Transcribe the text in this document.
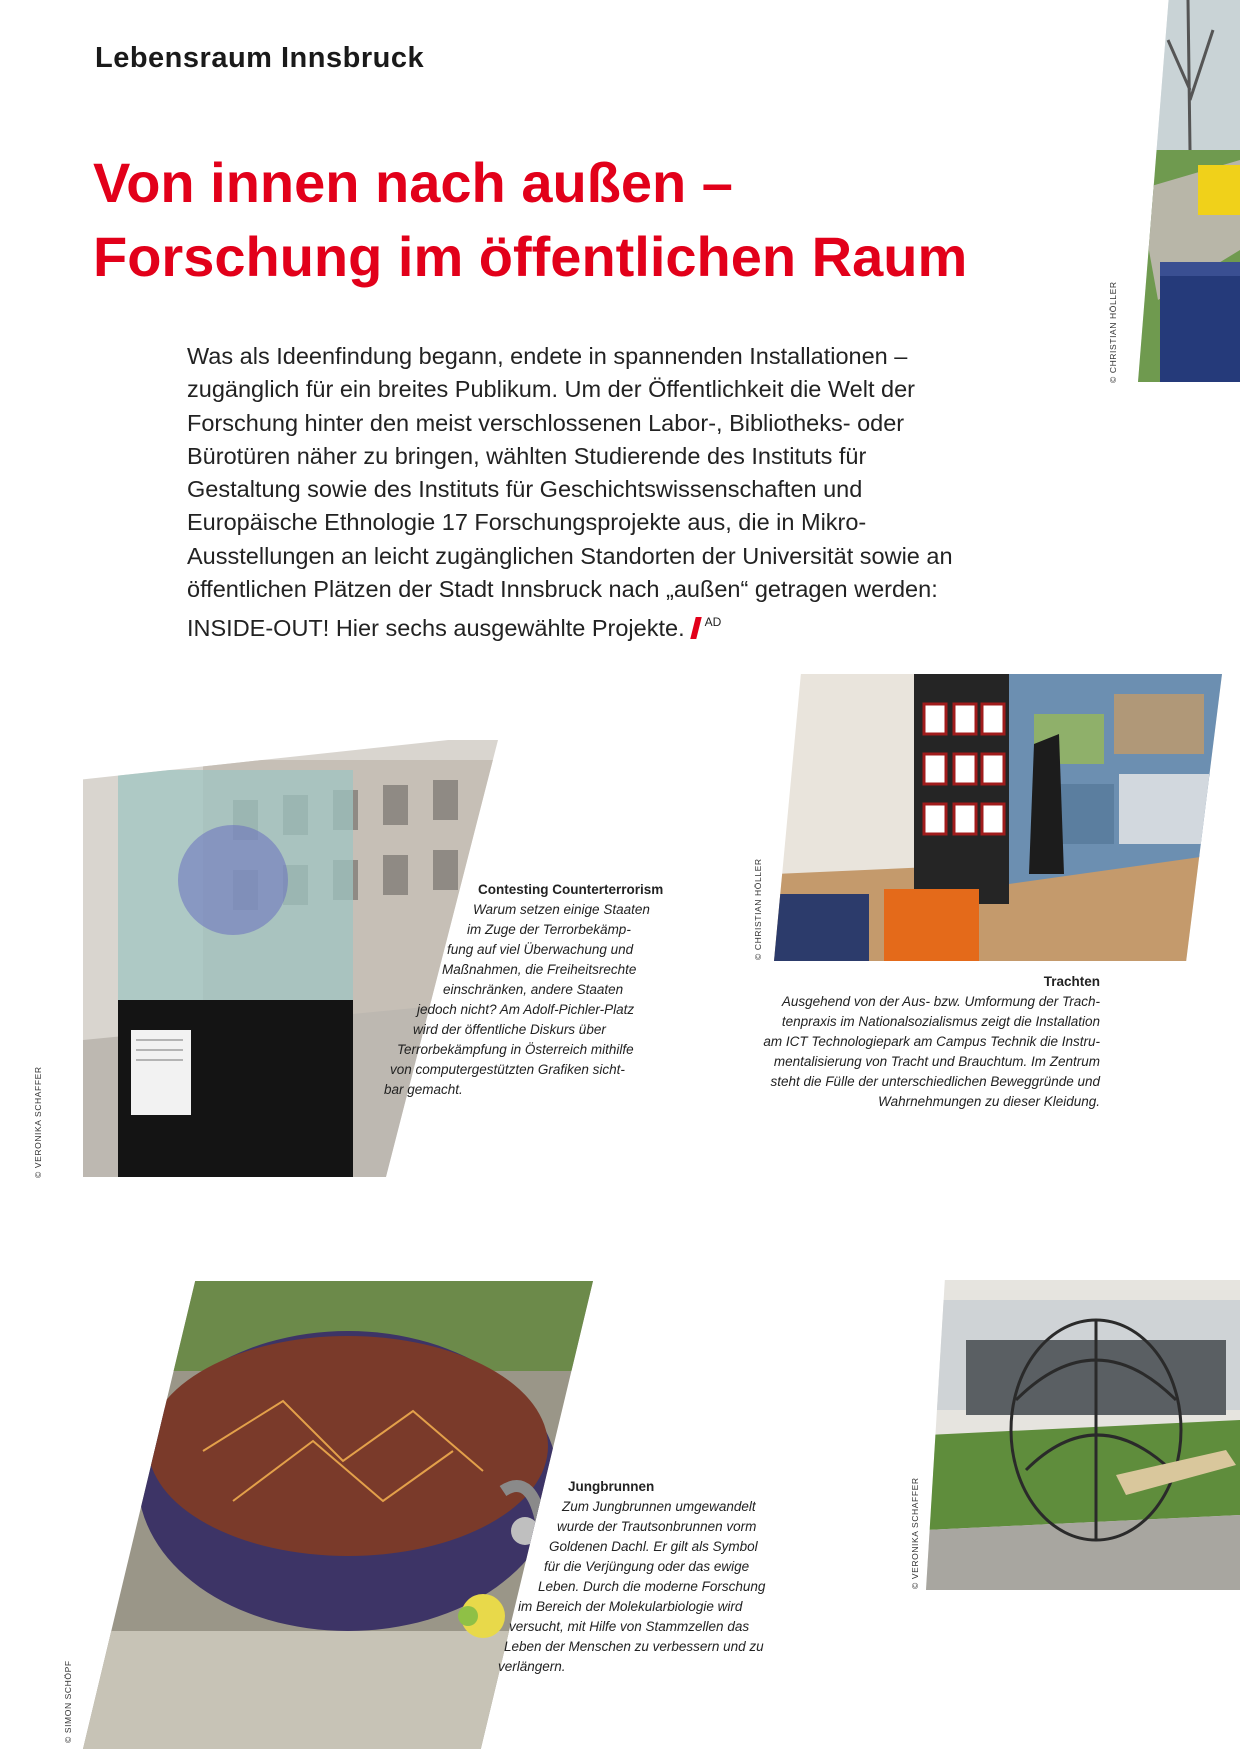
Lebensraum Innsbruck
Von innen nach außen –
Forschung im öffentlichen Raum

Was als Ideenfindung begann, endete in spannenden Installationen – zugänglich für ein breites Publikum. Um der Öffentlichkeit die Welt der Forschung hinter den meist verschlossenen Labor-, Bibliotheks- oder Bürotüren näher zu bringen, wählten Studierende des Instituts für Gestaltung sowie des Instituts für Geschichtswissenschaften und Europäische Ethnologie 17 Forschungsprojekte aus, die in Mikro-Ausstellungen an leicht zugänglichen Standorten der Universität sowie an öffentlichen Plätzen der Stadt Innsbruck nach „außen“ getragen werden: INSIDE-OUT! Hier sechs ausgewählte Projekte. $^{AD}$

© CHRISTIAN HÖLLER
© VERONIKA SCHAFFER

Contesting Counterterrorism

Warum setzen einige Staaten

im Zuge der Terrorbekämp-

fung auf viel Überwachung und

Maßnahmen, die Freiheitsrechte

einschränken, andere Staaten

jedoch nicht? Am Adolf-Pichler-Platz

wird der öffentliche Diskurs über

Terrorbekämpfung in Österreich mithilfe

von computergestützten Grafiken sicht-

bar gemacht.

© CHRISTIAN HÖLLER

Trachten

Ausgehend von der Aus- bzw. Umformung der Trach-

tenpraxis im Nationalsozialismus zeigt die Installation

am ICT Technologiepark am Campus Technik die Instru-

mentalisierung von Tracht und Brauchtum. Im Zentrum

steht die Fülle der unterschiedlichen Beweggründe und

Wahrnehmungen zu dieser Kleidung.

© SIMON SCHÖPF

Jungbrunnen

Zum Jungbrunnen umgewandelt

wurde der Trautsonbrunnen vorm

Goldenen Dachl. Er gilt als Symbol

für die Verjüngung oder das ewige

Leben. Durch die moderne Forschung

im Bereich der Molekularbiologie wird

versucht, mit Hilfe von Stammzellen das

Leben der Menschen zu verbessern und zu

verlängern.

© VERONIKA SCHAFFER
